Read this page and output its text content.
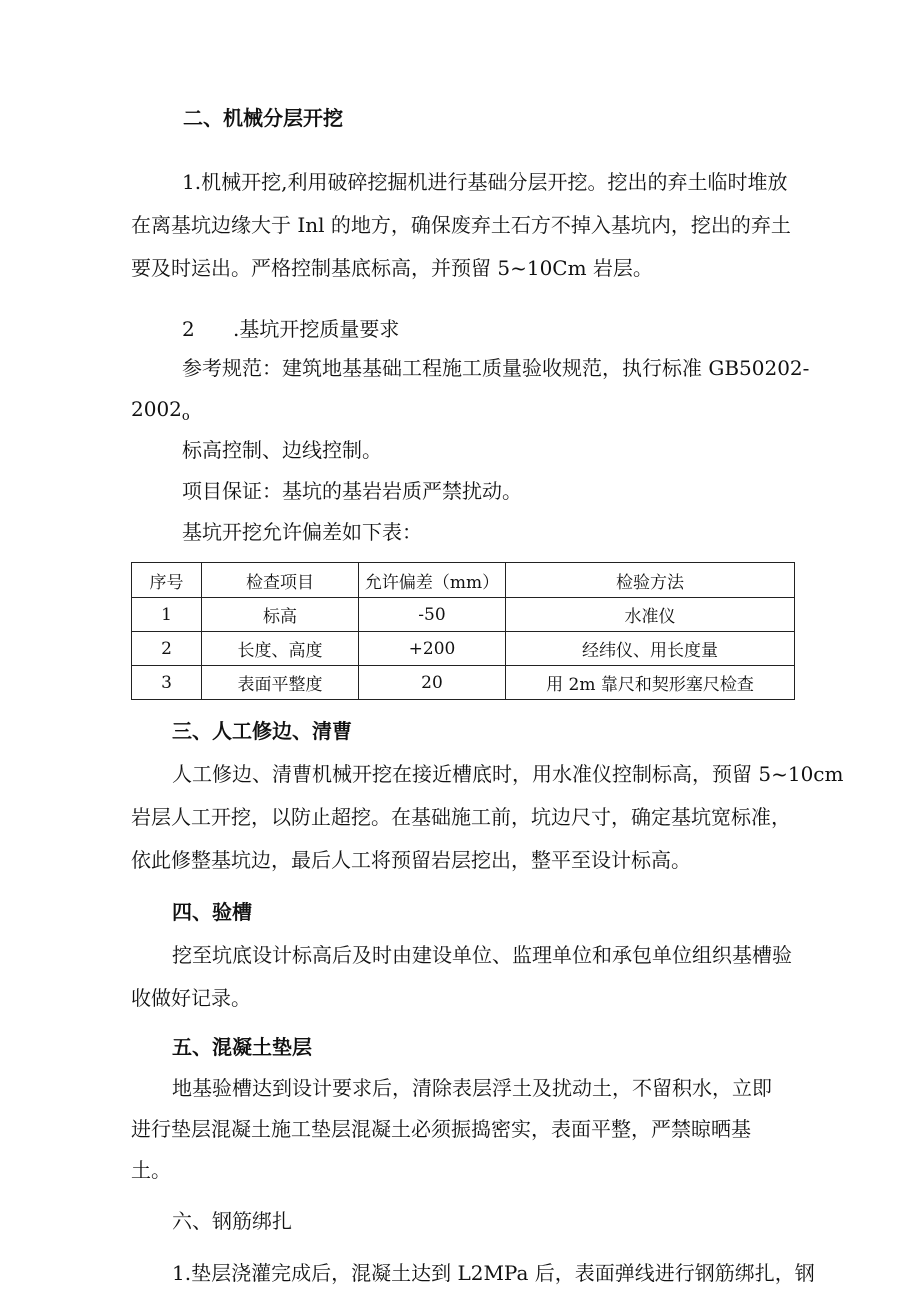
二、机械分层开挖
1.机械开挖,利用破碎挖掘机进行基础分层开挖。挖出的弃土临时堆放
在离基坑边缘大于 Inl 的地方，确保废弃土石方不掉入基坑内，挖出的弃土
要及时运出。严格控制基底标高，并预留 5~10Cm 岩层。
2 .基坑开挖质量要求
参考规范：建筑地基基础工程施工质量验收规范，执行标准 GB50202-
$2002_o$
标高控制、边线控制。
项目保证：基坑的基岩岩质严禁扰动。
基坑开挖允许偏差如下表：
序号	检查项目	允许偏差（mm）	检验方法
1	标高	-50	水准仪
2	长度、高度	+200	经纬仪、用长度量
3	表面平整度	20	用 2m 靠尺和契形塞尺检查
三、人工修边、清曹
人工修边、清曹机械开挖在接近槽底时，用水准仪控制标高，预留 5~10cm
岩层人工开挖，以防止超挖。在基础施工前，坑边尺寸，确定基坑宽标准，
依此修整基坑边，最后人工将预留岩层挖出，整平至设计标高。
四、验槽
挖至坑底设计标高后及时由建设单位、监理单位和承包单位组织基槽验
收做好记录。
五、混凝土垫层
地基验槽达到设计要求后，清除表层浮土及扰动土，不留积水，立即
进行垫层混凝土施工垫层混凝土必须振捣密实，表面平整，严禁晾晒基
土。
六、钢筋绑扎
1.垫层浇灌完成后，混凝土达到 L2MPa 后，表面弹线进行钢筋绑扎，钢
